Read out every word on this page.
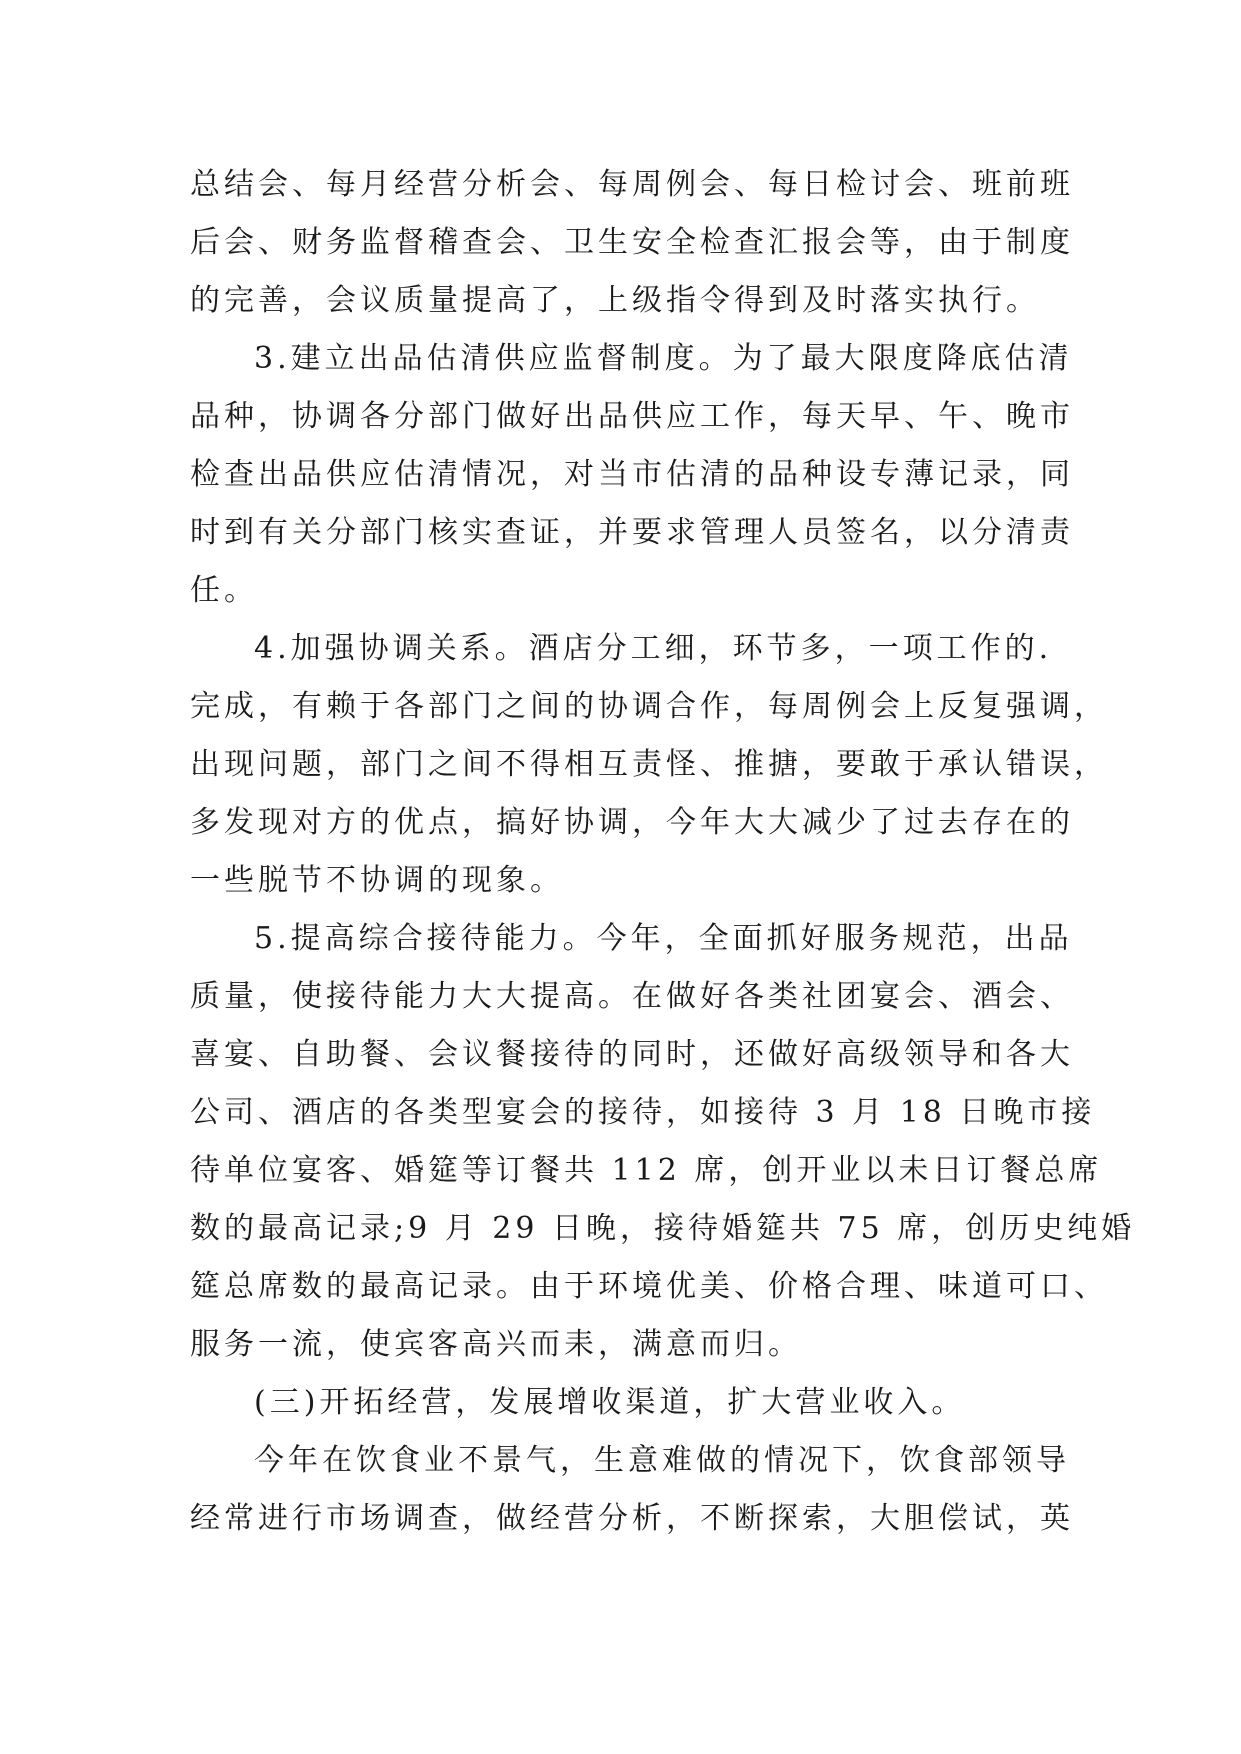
总结会、每月经营分析会、每周例会、每日检讨会、班前班
后会、财务监督稽查会、卫生安全检查汇报会等，由于制度
的完善，会议质量提高了，上级指令得到及时落实执行。
3.建立出品估清供应监督制度。为了最大限度降底估清
品种，协调各分部门做好出品供应工作，每天早、午、晚市
检查出品供应估清情况，对当市估清的品种设专薄记录，同
时到有关分部门核实查证，并要求管理人员签名，以分清责
任。
4.加强协调关系。酒店分工细，环节多，一项工作的.
完成，有赖于各部门之间的协调合作，每周例会上反复强调，
出现问题，部门之间不得相互责怪、推搪，要敢于承认错误，
多发现对方的优点，搞好协调，今年大大减少了过去存在的
一些脱节不协调的现象。
5.提高综合接待能力。今年，全面抓好服务规范，出品
质量，使接待能力大大提高。在做好各类社团宴会、酒会、
喜宴、自助餐、会议餐接待的同时，还做好高级领导和各大
公司、酒店的各类型宴会的接待，如接待 3 月 18 日晚市接
待单位宴客、婚筵等订餐共 112 席，创开业以未日订餐总席
数的最高记录;9 月 29 日晚，接待婚筵共 75 席，创历史纯婚
筵总席数的最高记录。由于环境优美、价格合理、味道可口、
服务一流，使宾客高兴而耒，满意而归。
(三)开拓经营，发展增收渠道，扩大营业收入。
今年在饮食业不景气，生意难做的情况下，饮食部领导
经常进行市场调查，做经营分析，不断探索，大胆偿试，英
